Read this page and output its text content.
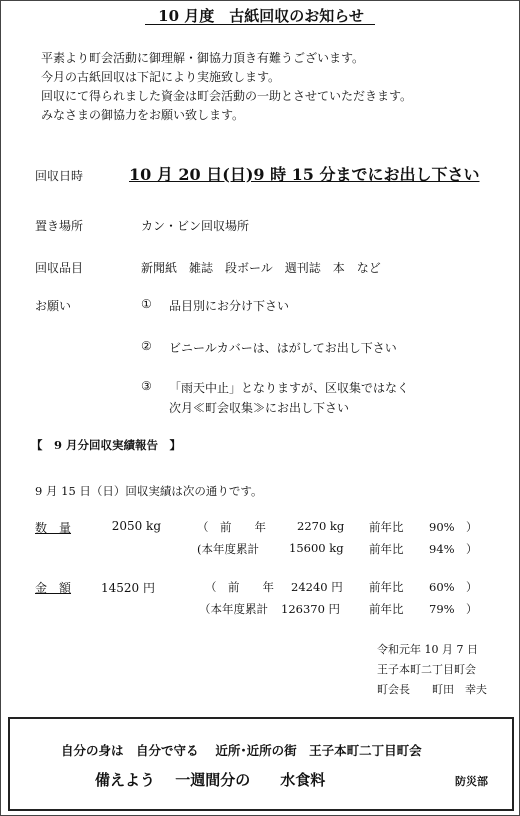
10 月度　古紙回収のお知らせ
平素より町会活動に御理解・御協力頂き有難うございます。
今月の古紙回収は下記により実施致します。
回収にて得られました資金は町会活動の一助とさせていただきます。
みなさまの御協力をお願い致します。
回収日時	10 月 20 日(日)9 時 15 分までにお出し下さい
置き場所	カン・ビン回収場所
回収品目	新聞紙　雑誌　段ボール　週刊誌　本　など
お願い	① 品目別にお分け下さい
② ビニールカバーは、はがしてお出し下さい
③ 「雨天中止」となりますが、区収集ではなく
次月≪町会収集≫にお出し下さい
【　9 月分回収実績報告　】
9 月 15 日（日）回収実績は次の通りです。
数　量	2050 kg	（　前　　年	2270 kg 前年比 90%　）
(本年度累計	15600 kg 前年比 94%　）
金　額 14520 円	（　前　　年 24240 円 前年比 60%　）
（本年度累計 126370 円	前年比 79%　）
令和元年 10 月 7 日
王子本町二丁目町会
町会長　　町田　幸夫
自分の身は　自分で守る　 近所･近所の街　王子本町二丁目町会
備えよう　 一週間分の　　水食料	防災部
